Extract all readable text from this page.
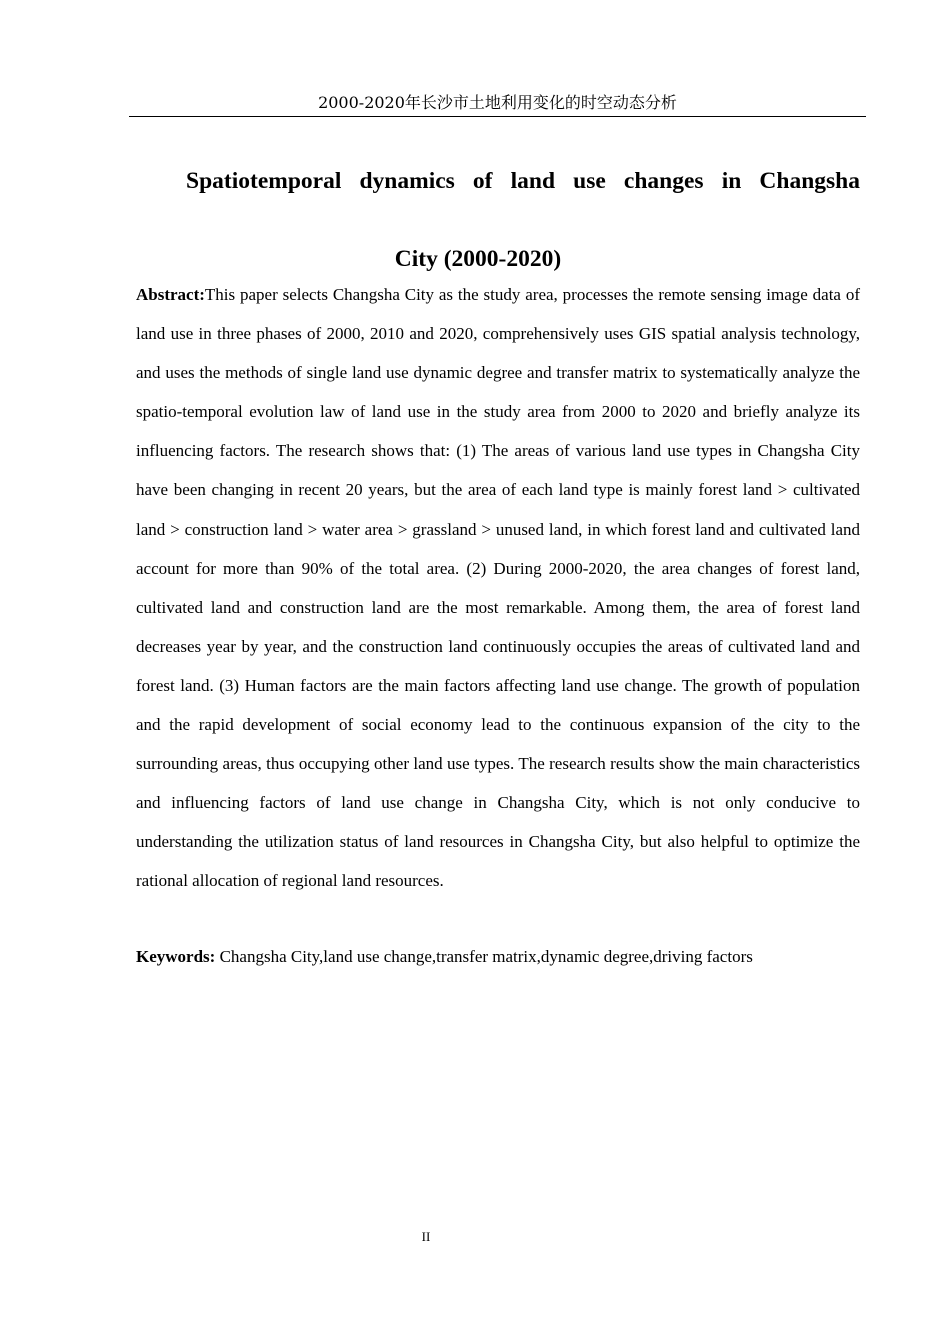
2000-2020年长沙市土地利用变化的时空动态分析
Spatiotemporal dynamics of land use changes in Changsha
City (2000-2020)

Abstract:This paper selects Changsha City as the study area, processes the remote sensing image data of land use in three phases of 2000, 2010 and 2020, comprehensively uses GIS spatial analysis technology, and uses the methods of single land use dynamic degree and transfer matrix to systematically analyze the spatio-temporal evolution law of land use in the study area from 2000 to 2020 and briefly analyze its influencing factors. The research shows that: (1) The areas of various land use types in Changsha City have been changing in recent 20 years, but the area of each land type is mainly forest land > cultivated land > construction land > water area > grassland > unused land, in which forest land and cultivated land account for more than 90% of the total area. (2) During 2000-2020, the area changes of forest land, cultivated land and construction land are the most remarkable. Among them, the area of forest land decreases year by year, and the construction land continuously occupies the areas of cultivated land and forest land. (3) Human factors are the main factors affecting land use change. The growth of population and the rapid development of social economy lead to the continuous expansion of the city to the surrounding areas, thus occupying other land use types. The research results show the main characteristics and influencing factors of land use change in Changsha City, which is not only conducive to understanding the utilization status of land resources in Changsha City, but also helpful to optimize the rational allocation of regional land resources.

Keywords: Changsha City,land use change,transfer matrix,dynamic degree,driving factors

II
